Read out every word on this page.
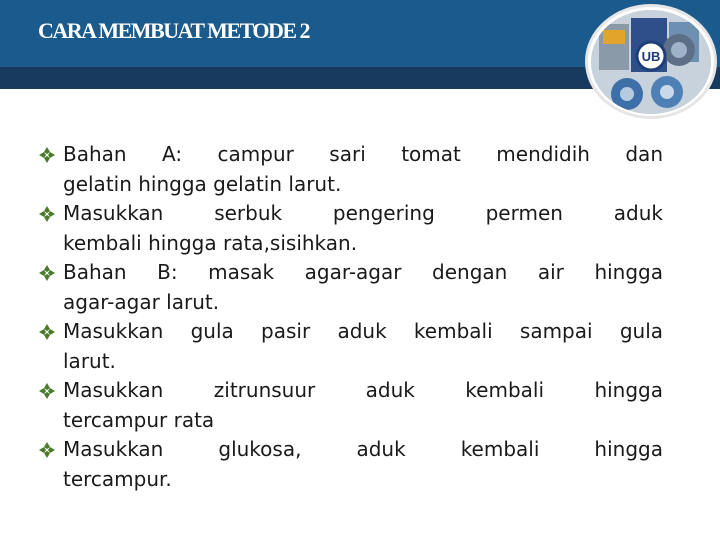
CARA MEMBUAT METODE 2
UB
Bahan A: campur sari tomat mendidih dan
gelatin hingga gelatin larut.
Masukkan serbuk pengering permen aduk
kembali hingga rata,sisihkan.
Bahan B: masak agar-agar dengan air hingga
agar-agar larut.
Masukkan gula pasir aduk kembali sampai gula
larut.
Masukkan zitrunsuur aduk kembali hingga
tercampur rata
Masukkan glukosa, aduk kembali hingga
tercampur.
